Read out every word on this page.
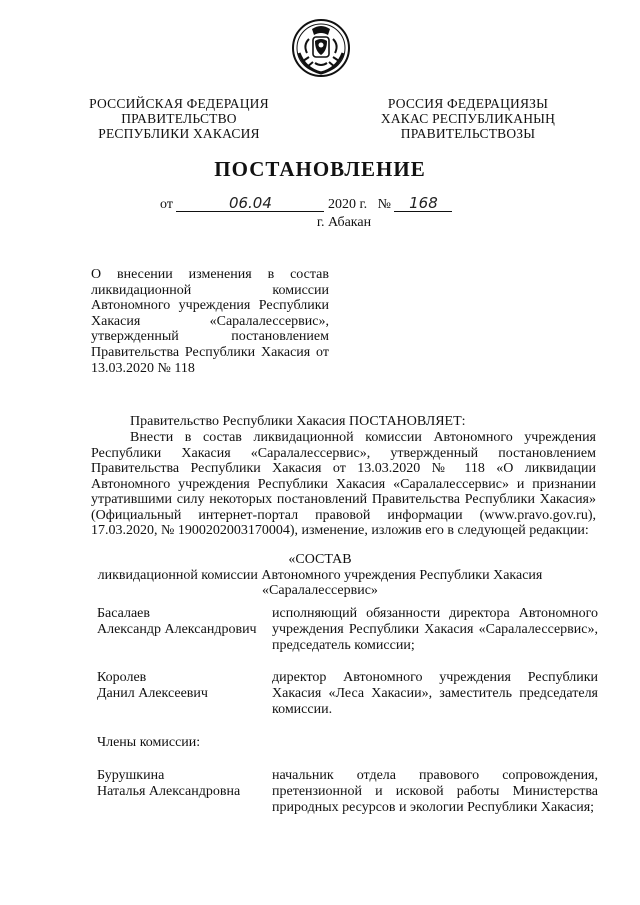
РОССИЙСКАЯ ФЕДЕРАЦИЯ
ПРАВИТЕЛЬСТВО
РЕСПУБЛИКИ ХАКАСИЯ
РОССИЯ ФЕДЕРАЦИЯЗЫ
ХАКАС РЕСПУБЛИКАНЫҢ
ПРАВИТЕЛЬСТВОЗЫ
ПОСТАНОВЛЕНИЕ
от	06.04	2020 г. № 168
г. Абакан
О внесении изменения в состав ликвидационной комиссии Автономного учреждения Республики Хакасия «Саралалессервис», утвержденный постановлением Правительства Республики Хакасия от 13.03.2020 № 118
Правительство Республики Хакасия ПОСТАНОВЛЯЕТ:
Внести в состав ликвидационной комиссии Автономного учреждения Республики Хакасия «Саралалессервис», утвержденный постановлением Правительства Республики Хакасия от 13.03.2020 № 118 «О ликвидации Автономного учреждения Республики Хакасия «Саралалессервис» и признании утратившими силу некоторых постановлений Правительства Республики Хакасия» (Официальный интернет-портал правовой информации (www.pravo.gov.ru), 17.03.2020, № 1900202003170004), изменение, изложив его в следующей редакции:
«СОСТАВ
ликвидационной комиссии Автономного учреждения Республики Хакасия
«Саралалессервис»
Басалаев
Александр Александрович
исполняющий обязанности директора Автономного учреждения Республики Хакасия «Саралалессервис», председатель комиссии;
Королев
Данил Алексеевич
директор Автономного учреждения Республики Хакасия «Леса Хакасии», заместитель председателя комиссии.
Члены комиссии:
Бурушкина
Наталья Александровна
начальник отдела правового сопровождения, претензионной и исковой работы Министерства природных ресурсов и экологии Республики Хакасия;
